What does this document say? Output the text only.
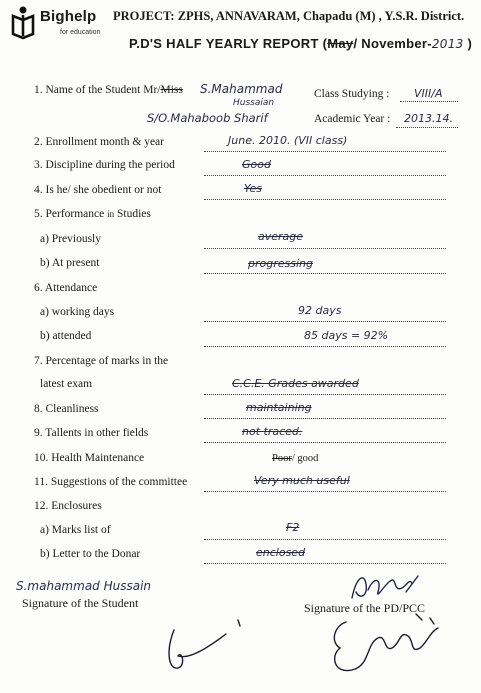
Bighelp
for education
PROJECT: ZPHS, ANNAVARAM, Chapadu (M) , Y.S.R. District.
P.D'S HALF YEARLY REPORT (May/ November-2013 )
1. Name of the Student Mr/Miss S.Mahammad
Hussaian
S/O.Mahaboob Sharif
Class Studying : VIII/A
Academic Year : 2013.14.
2. Enrollment month & year	June. 2010. (VII class)
3. Discipline during the period	Good
4. Is he/ she obedient or not	Yes
5. Performance in Studies
a) Previously	average
b) At present	progressing
6. Attendance
a) working days	92 days
b) attended	85 days = 92%
7. Percentage of marks in the
latest exam	C.C.E. Grades awarded
8. Cleanliness	maintaining
9. Tallents in other fields	not traced.
10. Health Maintenance	Poor/ good
11. Suggestions of the committee	Very much useful
12. Enclosures
a) Marks list of	F2
b) Letter to the Donar	enclosed
S.mahammad Hussain
Signature of the Student	Signature of the PD/PCC
